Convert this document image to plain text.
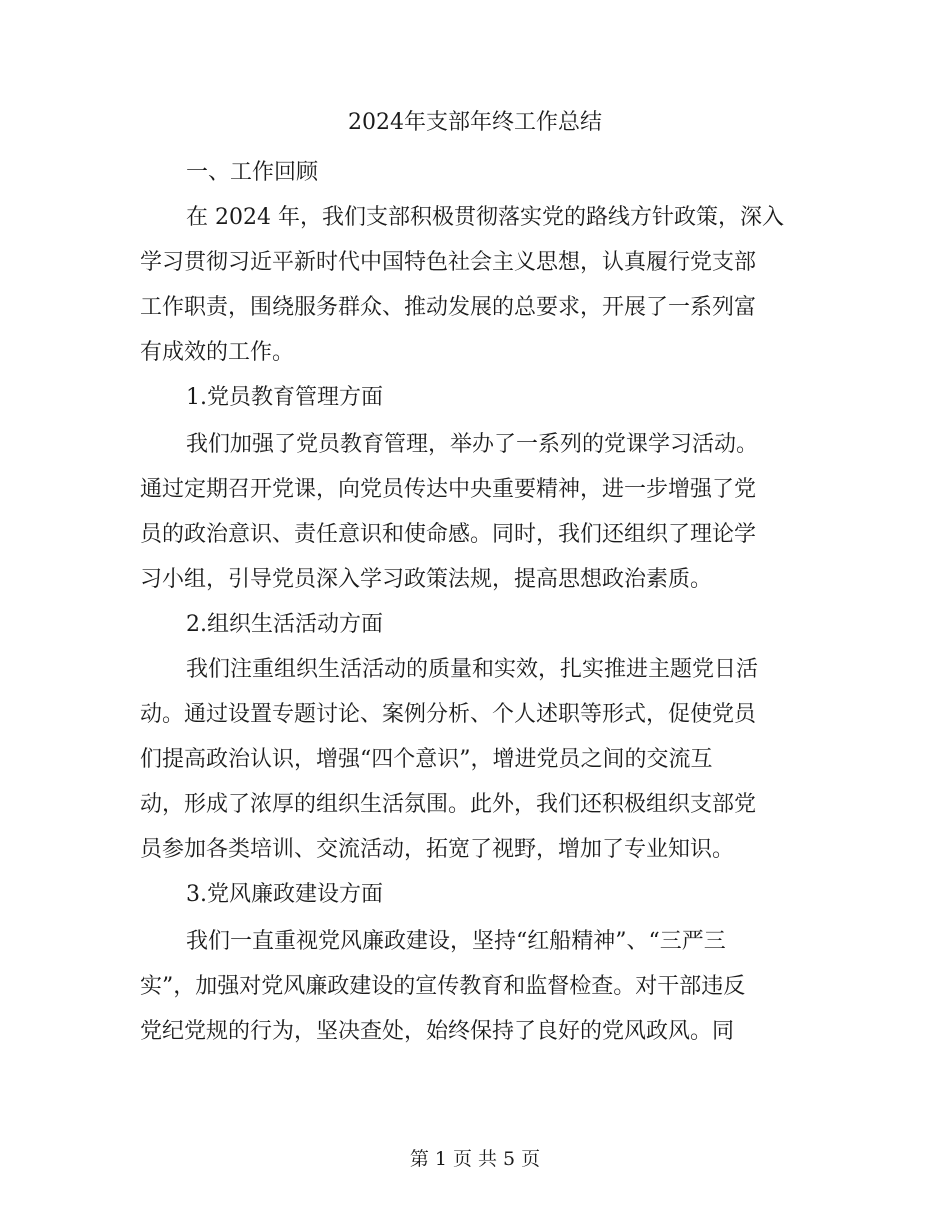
2024年支部年终工作总结

一、工作回顾

在 2024 年，我们支部积极贯彻落实党的路线方针政策，深入

学习贯彻习近平新时代中国特色社会主义思想，认真履行党支部

工作职责，围绕服务群众、推动发展的总要求，开展了一系列富

有成效的工作。

1.党员教育管理方面

我们加强了党员教育管理，举办了一系列的党课学习活动。

通过定期召开党课，向党员传达中央重要精神，进一步增强了党

员的政治意识、责任意识和使命感。同时，我们还组织了理论学

习小组，引导党员深入学习政策法规，提高思想政治素质。

2.组织生活活动方面

我们注重组织生活活动的质量和实效，扎实推进主题党日活

动。通过设置专题讨论、案例分析、个人述职等形式，促使党员

们提高政治认识，增强“四个意识”，增进党员之间的交流互

动，形成了浓厚的组织生活氛围。此外，我们还积极组织支部党

员参加各类培训、交流活动，拓宽了视野，增加了专业知识。

3.党风廉政建设方面

我们一直重视党风廉政建设，坚持“红船精神”、“三严三

实”，加强对党风廉政建设的宣传教育和监督检查。对干部违反

党纪党规的行为，坚决查处，始终保持了良好的党风政风。同

第 1 页 共 5 页
